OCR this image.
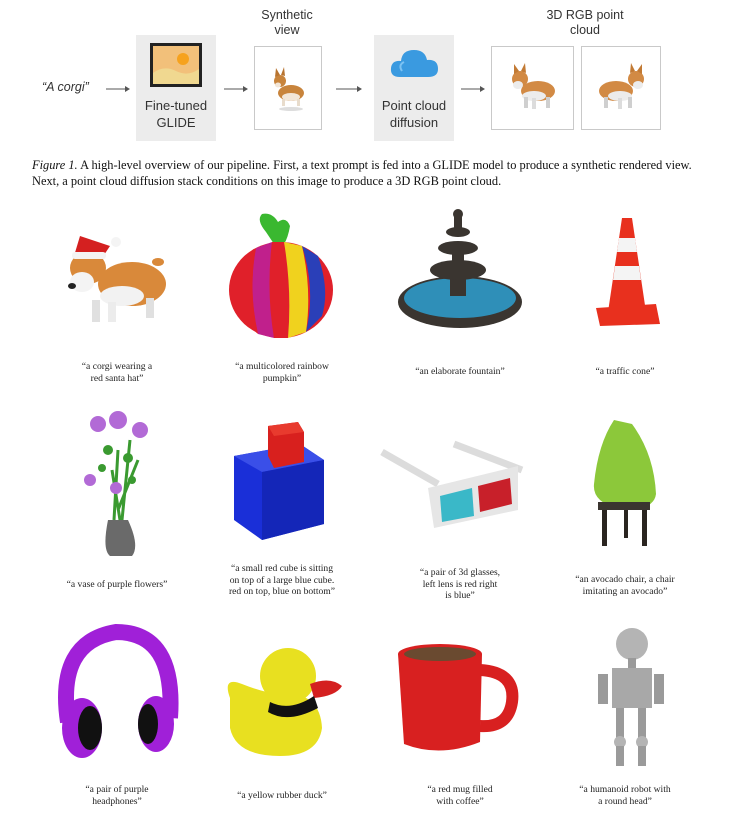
“A corgi”
Fine-tuned
GLIDE
Synthetic
view
Point cloud
diffusion
3D RGB point
cloud
Figure 1. A high-level overview of our pipeline. First, a text prompt is fed into a GLIDE model to produce a synthetic rendered view. Next, a point cloud diffusion stack conditions on this image to produce a 3D RGB point cloud.
“a corgi wearing a
red santa hat”
“a multicolored rainbow
pumpkin”
“an elaborate fountain”	“a traffic cone”
“a vase of purple flowers”
“a small red cube is sitting
on top of a large blue cube.
red on top, blue on bottom”
“a pair of 3d glasses,
left lens is red right
is blue”
“an avocado chair, a chair
imitating an avocado”
“a pair of purple
headphones”	“a yellow rubber duck”
“a red mug filled
with coffee”
“a humanoid robot with
a round head”
